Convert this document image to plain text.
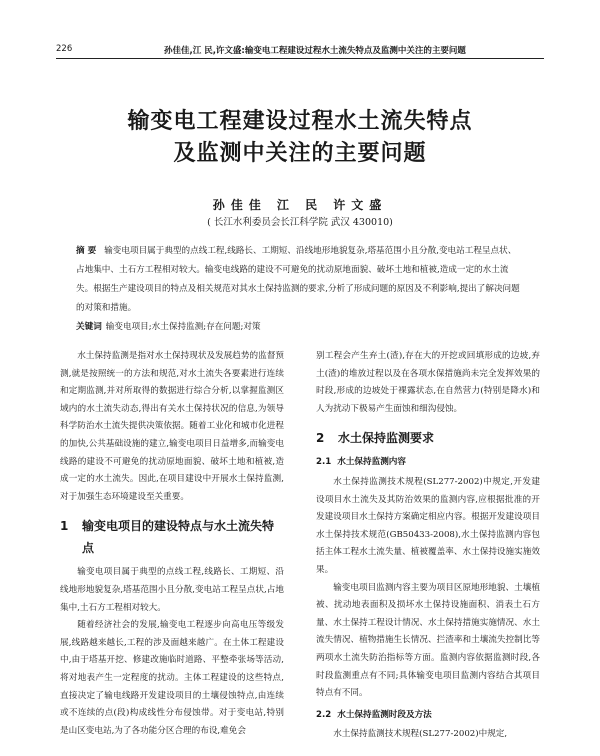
226	孙佳佳,江 民,许文盛:输变电工程建设过程水土流失特点及监测中关注的主要问题
输变电工程建设过程水土流失特点
及监测中关注的主要问题
孙佳佳 江 民 许文盛
( 长江水利委员会长江科学院 武汉 430010)
摘 要 输变电项目属于典型的点线工程,线路长、工期短、沿线地形地貌复杂,塔基范围小且分散,变电站工程呈点状、占地集中、土石方工程相对较大。输变电线路的建设不可避免的扰动原地面貌、破坏土地和植被,造成一定的水土流失。根据生产建设项目的特点及相关规范对其水土保持监测的要求,分析了形成问题的原因及不利影响,提出了解决问题的对策和措施。
关键词 输变电项目;水土保持监测;存在问题;对策

水土保持监测是指对水土保持现状及发展趋势的监督预测,就是按照统一的方法和规范,对水土流失各要素进行连续和定期监测,并对所取得的数据进行综合分析,以掌握监测区域内的水土流失动态,得出有关水土保持状况的信息,为领导科学防治水土流失提供决策依据。随着工业化和城市化进程的加快,公共基础设施的建立,输变电项目日益增多,而输变电线路的建设不可避免的扰动原地面貌、破坏土地和植被,造成一定的水土流失。因此,在项目建设中开展水土保持监测,对于加强生态环境建设至关重要。

1	输变电项目的建设特点与水土流失特点

输变电项目属于典型的点线工程,线路长、工期短、沿线地形地貌复杂,塔基范围小且分散,变电站工程呈点状,占地集中,土石方工程相对较大。

随着经济社会的发展,输变电工程逐步向高电压等级发展,线路越来越长,工程的涉及面越来越广。在土体工程建设中,由于塔基开挖、修建改施临时道路、平整牵张场等活动,将对地表产生一定程度的扰动。主体工程建设的这些特点,直接决定了输电线路开发建设项目的土壤侵蚀特点,由连续或不连续的点(段)构成线性分布侵蚀带。对于变电站,特别是山区变电站,为了各功能分区合理的布设,难免会

别工程会产生弃土(渣),存在大的开挖或回填形成的边坡,弃土(渣)的堆放过程以及在各项水保措施尚未完全发挥效果的时段,形成的边坡处于裸露状态,在自然营力(特别是降水)和人为扰动下极易产生面蚀和细沟侵蚀。

2	水土保持监测要求
2.1 水土保持监测内容

水土保持监测技术规程(SL277-2002)中规定,开发建设项目水土流失及其防治效果的监测内容,应根据批准的开发建设项目水土保持方案确定相应内容。根据开发建设项目水土保持技术规范(GB50433-2008),水土保持监测内容包括主体工程水土流失量、植被覆盖率、水土保持设施实施效果。

输变电项目监测内容主要为项目区原地形地貌、土壤植被、扰动地表面积及损坏水土保持设施面积、消表土石方量、水土保持工程设计情况、水土保持措施实施情况、水土流失情况、植物措施生长情况、拦渣率和土壤流失控制比等两项水土流失防治指标等方面。监测内容依据监测时段,各时段监测重点有不同;具体输变电项目监测内容结合其项目特点有不同。

2.2 水土保持监测时段及方法

水土保持监测技术规程(SL277-2002)中规定,
